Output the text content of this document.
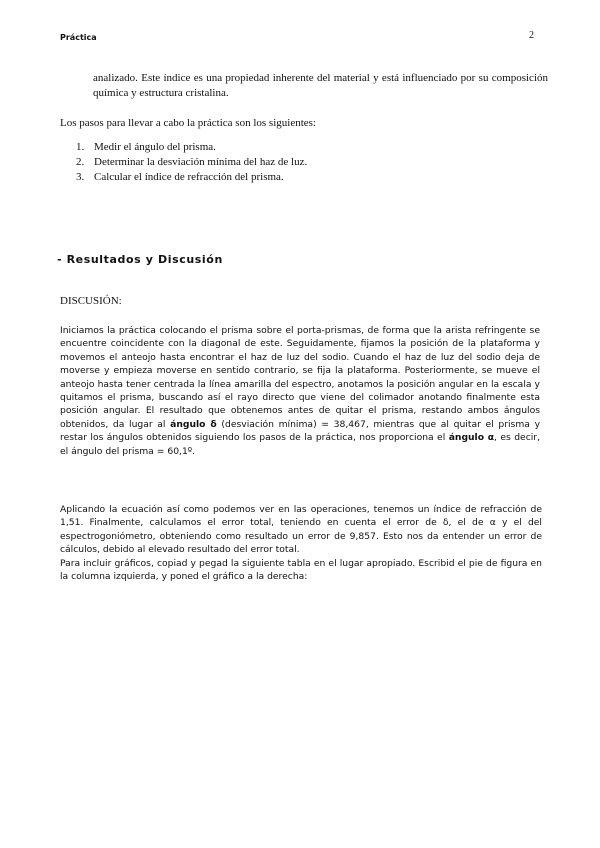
Práctica	2
analizado. Este índice es una propiedad inherente del material y está influenciado por su composición química y estructura cristalina.
Los pasos para llevar a cabo la práctica son los siguientes:
1. Medir el ángulo del prisma.
2. Determinar la desviación mínima del haz de luz.
3. Calcular el índice de refracción del prisma.
- Resultados y Discusión
DISCUSIÓN:
Iniciamos la práctica colocando el prisma sobre el porta-prismas, de forma que la arista refringente se encuentre coincidente con la diagonal de este. Seguidamente, fijamos la posición de la plataforma y movemos el anteojo hasta encontrar el haz de luz del sodio. Cuando el haz de luz del sodio deja de moverse y empieza moverse en sentido contrario, se fija la plataforma. Posteriormente, se mueve el anteojo hasta tener centrada la línea amarilla del espectro, anotamos la posición angular en la escala y quitamos el prisma, buscando así el rayo directo que viene del colimador anotando finalmente esta posición angular. El resultado que obtenemos antes de quitar el prisma, restando ambos ángulos obtenidos, da lugar al ángulo δ (desviación mínima) = 38,467, mientras que al quitar el prisma y restar los ángulos obtenidos siguiendo los pasos de la práctica, nos proporciona el ángulo α, es decir, el ángulo del prisma = 60,1º.

Aplicando la ecuación así como podemos ver en las operaciones, tenemos un índice de refracción de 1,51. Finalmente, calculamos el error total, teniendo en cuenta el error de δ, el de α y el del espectrogoniómetro, obteniendo como resultado un error de 9,857. Esto nos da entender un error de cálculos, debido al elevado resultado del error total.

Para incluir gráficos, copiad y pegad la siguiente tabla en el lugar apropiado. Escribid el pie de figura en la columna izquierda, y poned el gráfico a la derecha:
